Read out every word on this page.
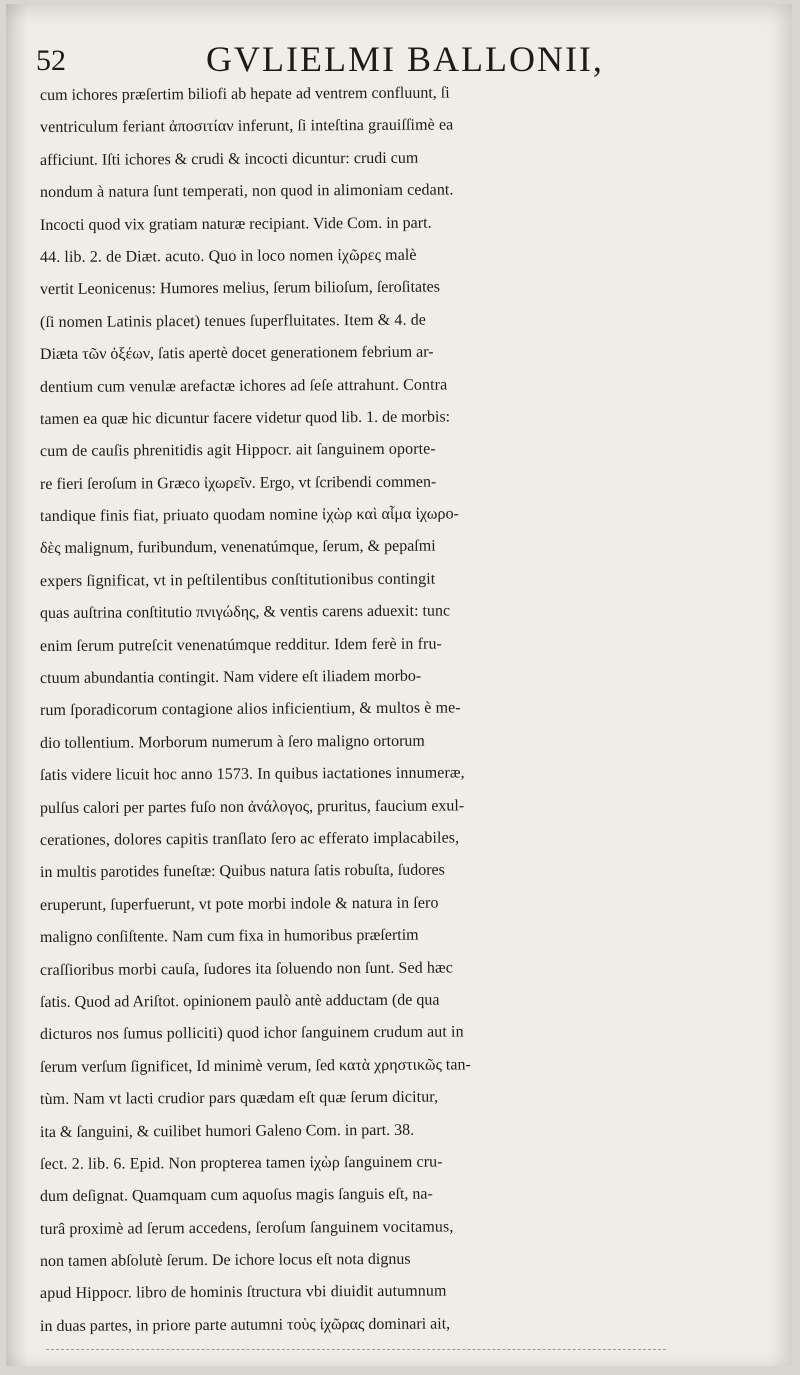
52	GVLIELMI BALLONII,
cum ichores præſertim biliofi ab hepate ad ventrem confluunt, ſi
ventriculum feriant ἀποσιτίαν inferunt, ſi inteſtina grauiſſimè ea
afficiunt. Iſti ichores & crudi & incocti dicuntur: crudi cum
nondum à natura ſunt temperati, non quod in alimoniam cedant.
Incocti quod vix gratiam naturæ recipiant. Vide Com. in part.
44. lib. 2. de Diæt. acuto. Quo in loco nomen ἰχῶρες malè
vertit Leonicenus: Humores melius, ſerum bilioſum, ſeroſitates
(ſi nomen Latinis placet) tenues ſuperfluitates. Item & 4. de
Diæta τῶν ὀξέων, ſatis apertè docet generationem febrium ar-
dentium cum venulæ arefactæ ichores ad ſeſe attrahunt. Contra
tamen ea quæ hic dicuntur facere videtur quod lib. 1. de morbis:
cum de cauſis phrenitidis agit Hippocr. ait ſanguinem oporte-
re fieri ſeroſum in Græco ἰχωρεῖν. Ergo, vt ſcribendi commen-
tandique finis fiat, priuato quodam nomine ἰχὼρ καὶ αἷμα ἰχωρο-
δὲς malignum, furibundum, venenatúmque, ſerum, & pepaſmi
expers ſignificat, vt in peſtilentibus conſtitutionibus contingit
quas auſtrina conſtitutio πνιγώδης, & ventis carens aduexit: tunc
enim ſerum putreſcit venenatúmque redditur. Idem ferè in fru-
ctuum abundantia contingit. Nam videre eſt iliadem morbo-
rum ſporadicorum contagione alios inficientium, & multos è me-
dio tollentium. Morborum numerum à ſero maligno ortorum
ſatis videre licuit hoc anno 1573. In quibus iactationes innumeræ,
pulſus calori per partes fuſo non ἀνάλογος, pruritus, faucium exul-
cerationes, dolores capitis tranſlato ſero ac efferato implacabiles,
in multis parotides funeſtæ: Quibus natura ſatis robuſta, ſudores
eruperunt, ſuperfuerunt, vt pote morbi indole & natura in ſero
maligno conſiſtente. Nam cum fixa in humoribus præſertim
craſſioribus morbi cauſa, ſudores ita ſoluendo non ſunt. Sed hæc
ſatis. Quod ad Ariſtot. opinionem paulò antè adductam (de qua
dicturos nos ſumus polliciti) quod ichor ſanguinem crudum aut in
ſerum verſum ſignificet, Id minimè verum, ſed κατὰ χρηστικῶς tan-
tùm. Nam vt lacti crudior pars quædam eſt quæ ſerum dicitur,
ita & ſanguini, & cuilibet humori Galeno Com. in part. 38.
ſect. 2. lib. 6. Epid. Non propterea tamen ἰχὼρ ſanguinem cru-
dum deſignat. Quamquam cum aquoſus magis ſanguis eſt, na-
turâ proximè ad ſerum accedens, ſeroſum ſanguinem vocitamus,
non tamen abſolutè ſerum. De ichore locus eſt nota dignus
apud Hippocr. libro de hominis ſtructura vbi diuidit autumnum
in duas partes, in priore parte autumni τοὺς ἰχῶρας dominari ait,
